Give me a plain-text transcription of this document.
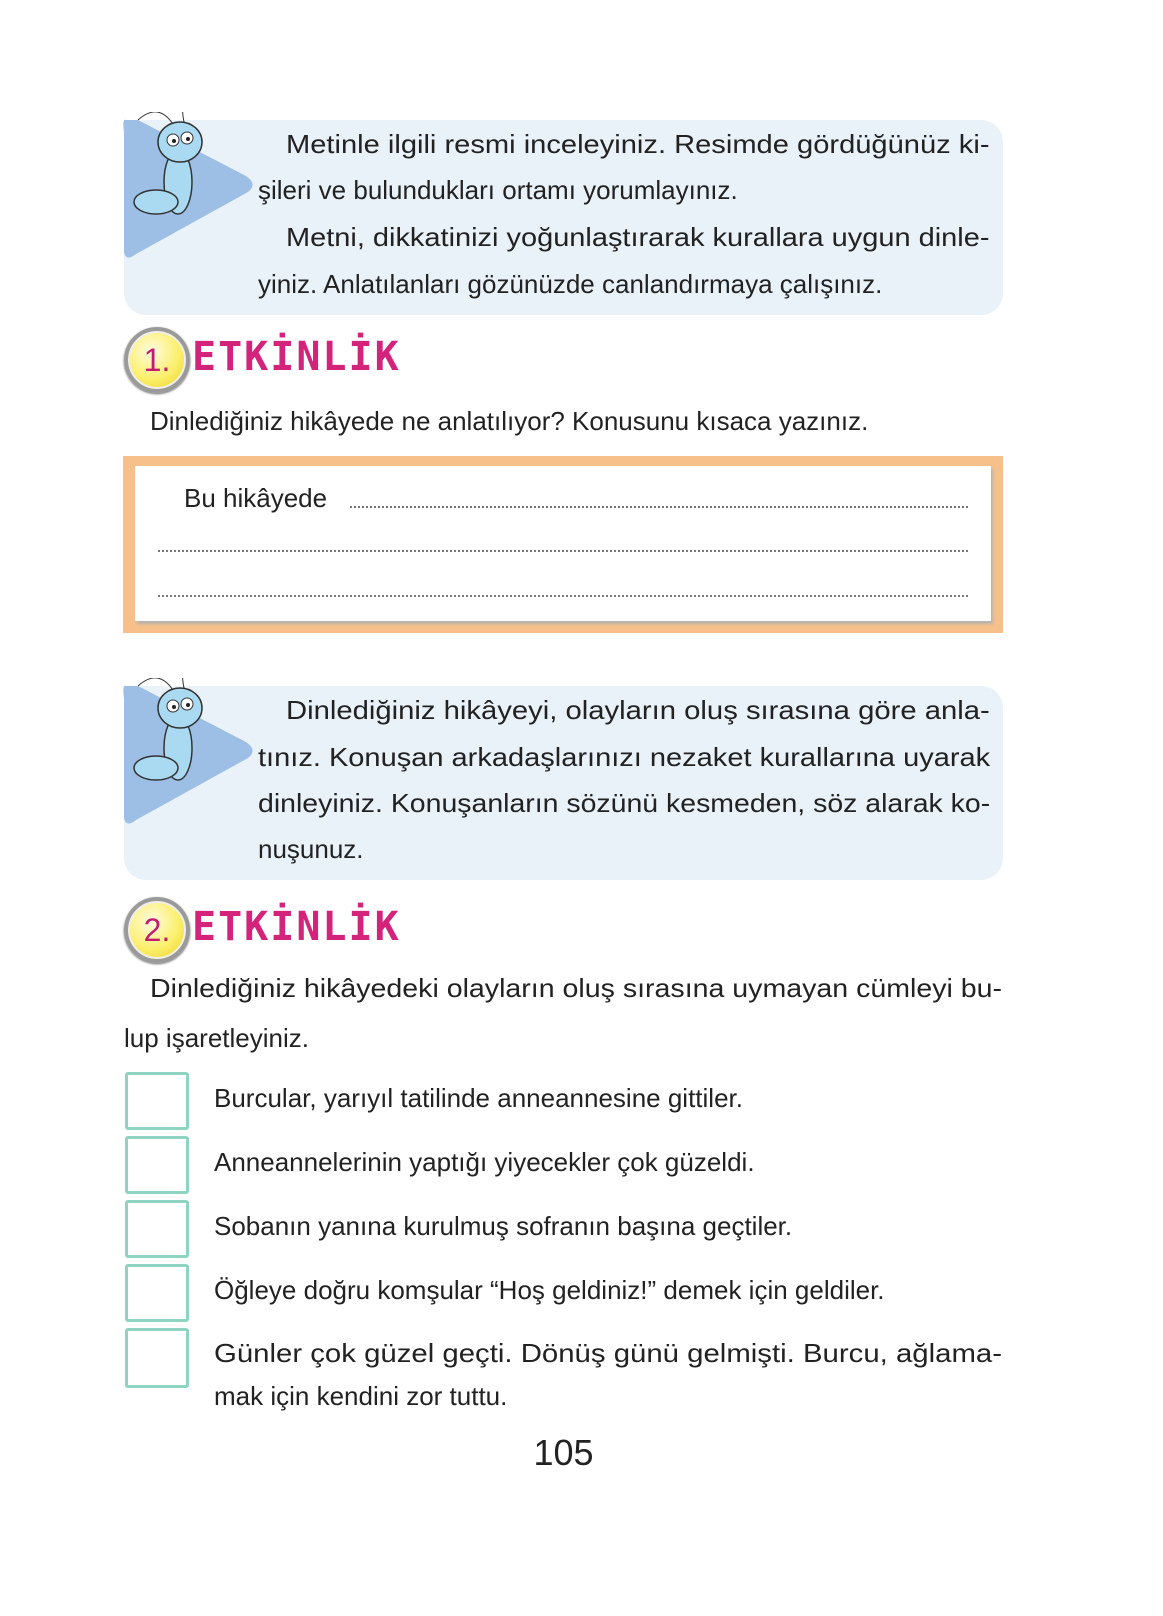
Metinle ilgili resmi inceleyiniz. Resimde gördüğünüz ki-
şileri ve bulundukları ortamı yorumlayınız.
Metni, dikkatinizi yoğunlaştırarak kurallara uygun dinle-
yiniz. Anlatılanları gözünüzde canlandırmaya çalışınız.
1. ETKİNLİK
Dinlediğiniz hikâyede ne anlatılıyor? Konusunu kısaca yazınız.
Bu hikâyede
Dinlediğiniz hikâyeyi, olayların oluş sırasına göre anla-
tınız. Konuşan arkadaşlarınızı nezaket kurallarına uyarak
dinleyiniz. Konuşanların sözünü kesmeden, söz alarak ko-
nuşunuz.
2. ETKİNLİK
Dinlediğiniz hikâyedeki olayların oluş sırasına uymayan cümleyi bu-
lup işaretleyiniz.
Burcular, yarıyıl tatilinde anneannesine gittiler.
Anneannelerinin yaptığı yiyecekler çok güzeldi.
Sobanın yanına kurulmuş sofranın başına geçtiler.
Öğleye doğru komşular “Hoş geldiniz!” demek için geldiler.
Günler çok güzel geçti. Dönüş günü gelmişti. Burcu, ağlama-
mak için kendini zor tuttu.
105
